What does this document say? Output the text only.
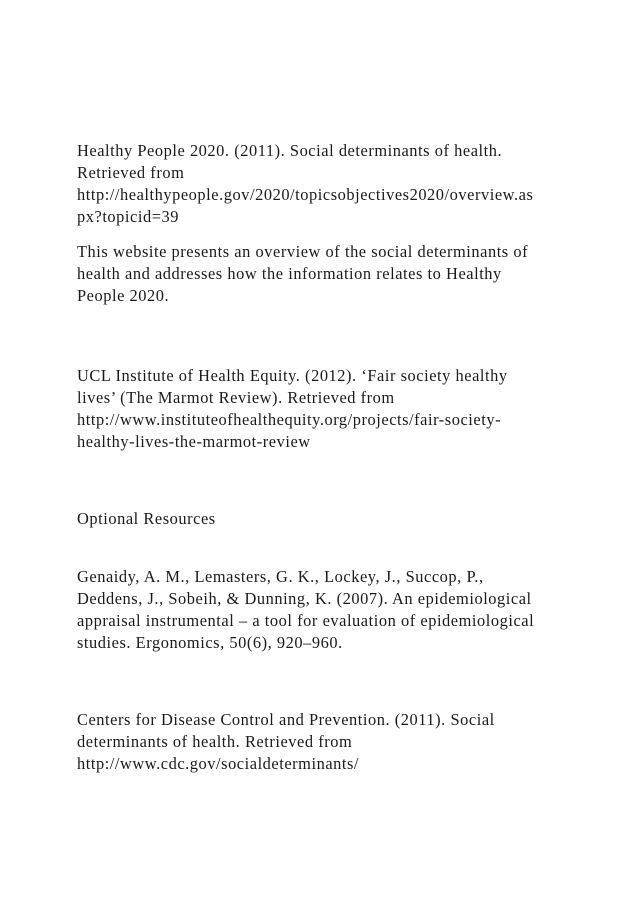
Healthy People 2020. (2011). Social determinants of health.

Retrieved from

http://healthypeople.gov/2020/topicsobjectives2020/overview.as

px?topicid=39

This website presents an overview of the social determinants of

health and addresses how the information relates to Healthy

People 2020.

UCL Institute of Health Equity. (2012). ‘Fair society healthy

lives’ (The Marmot Review). Retrieved from

http://www.instituteofhealthequity.org/projects/fair-society-

healthy-lives-the-marmot-review

Optional Resources

Genaidy, A. M., Lemasters, G. K., Lockey, J., Succop, P.,

Deddens, J., Sobeih, & Dunning, K. (2007). An epidemiological

appraisal instrumental – a tool for evaluation of epidemiological

studies. Ergonomics, 50(6), 920–960.

Centers for Disease Control and Prevention. (2011). Social

determinants of health. Retrieved from

http://www.cdc.gov/socialdeterminants/
